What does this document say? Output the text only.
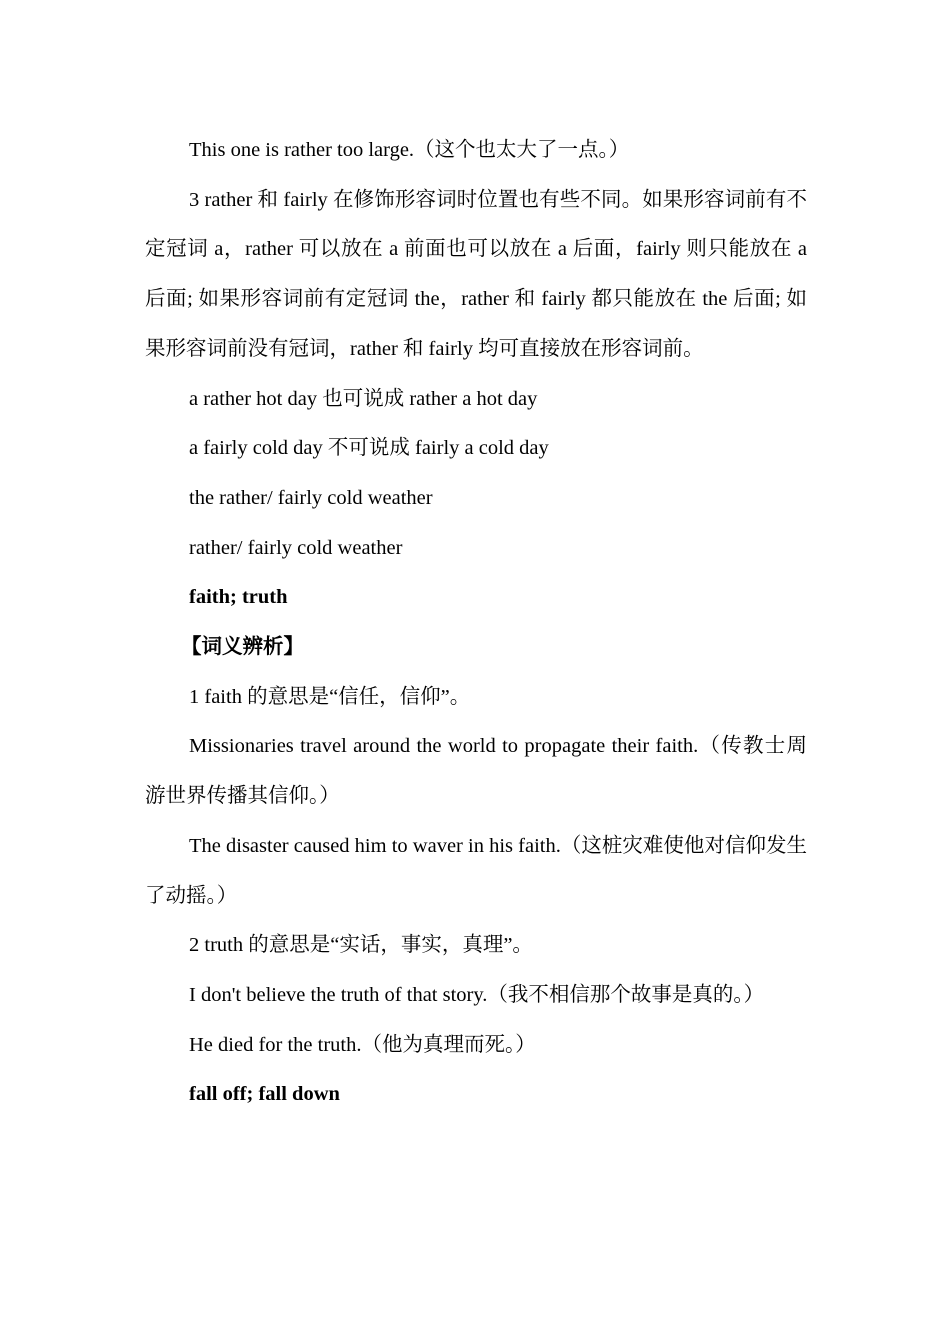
This one is rather too large.（这个也太大了一点。）

3 rather 和 fairly 在修饰形容词时位置也有些不同。如果形容词前有不定冠词 a，rather 可以放在 a 前面也可以放在 a 后面，fairly 则只能放在 a 后面; 如果形容词前有定冠词 the，rather 和 fairly 都只能放在 the 后面; 如果形容词前没有冠词，rather 和 fairly 均可直接放在形容词前。

a rather hot day 也可说成 rather a hot day

a fairly cold day 不可说成 fairly a cold day

the rather/ fairly cold weather

rather/ fairly cold weather

faith; truth

【词义辨析】

1 faith 的意思是“信任，信仰”。

Missionaries travel around the world to propagate their faith.（传教士周游世界传播其信仰。）

The disaster caused him to waver in his faith.（这桩灾难使他对信仰发生了动摇。）

2 truth 的意思是“实话，事实，真理”。

I don't believe the truth of that story.（我不相信那个故事是真的。）

He died for the truth.（他为真理而死。）

fall off; fall down
